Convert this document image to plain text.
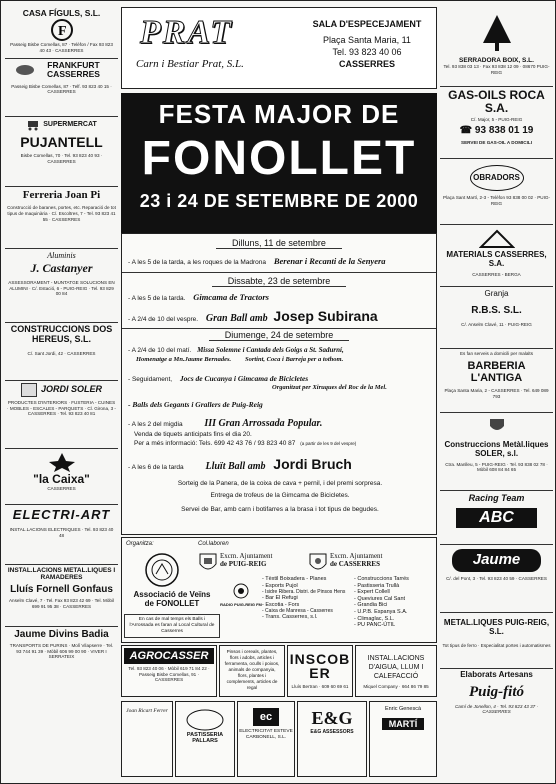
CASA FÍGULS, S.L.
F
Passeig Bisbe Comellas, 87 · Telèfon / Fax 93 823 40 43 · CASSERRES
FRANKFURT CASSERRES
Passeig Bisbe Comellas, 87 · Telf. 93 823 40 15 · CASSERRES
SUPERMERCAT
PUJANTELL
Bisbe Comellas, 70 · Tel. 93 823 40 93 · CASSERRES
Ferreria Joan Pi
Construcció de baranes, portes, etc. Reparació de tot tipus de maquinària · C/. Escoltres, 7 - Tel. 93 823 41 55 · CASSERRES
Aluminis
J. Castanyer
ASSESSORAMENT - MUNTATGE SOLUCIONS EN ALUMINI · C/. Estació, 6 - PUIG-REIG · Tel. 93 829 00 84
CONSTRUCCIONS DOS HEREUS, S.L.
C/. Sant Jordi, 42 · CASSERRES
JORDI SOLER
PRODUCTES D'INTERIORS · FUSTERIA - CUINES · MOBLES - ESCALES - PARQUETS · Cl. Girona, 3 - CASSERRES · Tel. 93 823 40 81
"la Caixa"
CASSERRES
ELECTRI-ART
INSTAL.LACIONS ELECTRIQUES · Tel. 93 823 40 48
INSTAL.LACIONS METAL.LIQUES I RAMADERES
Lluís Fornell Gonfaus
Anselm Clavé, 7 · Tel. Fax 93 823 42 69 · Tel. Mòbil 699 91 95 38 · CASSERRES
Jaume Divins Badia
TRANSPORTS DE PURINS · Molí Vilapserre · Tel. 93 744 91 39 · Mòbil 606 99 00 90 · VIVER I SERRATEIX
PRAT
Carn i Bestiar Prat, S.L.
SALA D'ESPECEJAMENT
Plaça Santa Maria, 11
Tel. 93 823 40 06
CASSERRES
FESTA MAJOR DE
FONOLLET
23 i 24 DE SETEMBRE DE 2000
Dilluns, 11 de setembre
- A les 5 de la tarda, a les roques de la Madrona Berenar i Recanti de la Senyera
Dissabte, 23 de setembre
- A les 5 de la tarda. Gimcama de Tractors
- A 2/4 de 10 del vespre. Gran Ball amb Josep Subirana
Diumenge, 24 de setembre
- A 2/4 de 10 del matí. Missa Solemne i Cantada dels Goigs a St. Sadurní,
Homenatge a Mn.Jaume Bernades. Sortint, Coca i Barreja per a tothom.
- Seguidament, Jocs de Cucanya i Gimcama de Bicicletes
Organitzat per Xiruques del Roc de la Mel.
- Balls dels Gegants i Grallers de Puig-Reig
- A les 2 del migdia III Gran Arrossada Popular.
Venda de tiquets anticipats fins el dia 20.
Per a més informació: Tels. 699 42 43 76 / 93 823 40 87 (a partir de les 9 del vespre)
- A les 6 de la tarda Lluït Ball amb Jordi Bruch
Sorteig de la Panera, de la coixa de cava + pernil, i del premi sorpresa.
Entrega de trofeus de la Gimcama de Bicicletes.
Servei de Bar, amb carn i botifarres a la brasa i tot tipus de begudes.
Organitza:	Col.laboren
Associació de Veïns
de FONOLLET
En cas de mal temps els Balls i l'Arrossada es faran al Local Cultural de Casserres
Excm. Ajuntament
de PUIG-REIG
Excm. Ajuntament
de CASSERRES
RADIO PUIG-REIG FM
- Tèxtil Boixadera - Planes
- Esports Pujol
- Isidre Ribera. Distri. de Pinsos Hens
- Bar El Refugi
- Escotia - Fors
- Caixa de Manresa - Casserres
- Trans. Casserres, s.l.
- Construccions Tarrés
- Pastisseria Trullà
- Expert Collell
- Queviures Cal Sant
- Grandia Bici
- U.P.B. Espanya S.A.
- Climaglac, S.L.
- PU PANC-ÚTIL
AGROCASSER
Tel. 93 823 40 06 · Mòbil 619 71 84 22 · Passeig Bisbe Comellas, 91 · CASSERRES
Pinsos i cereals, plantes, flors i adobs, articles i ferramenta, oculls i poixos, animals de companyia, flors, plantes i complements, articles de regal
INSCOBER
Lluís Bertran · 609 60 69 61
INSTAL.LACIONS D'AIGUA, LLUM I CALEFACCIÓ
Miquel Company · 664 86 79 85
Joan Ricart Ferrer
PASTISSERIA PALLARS
ec
ELECTRICITAT ESTEVE CARBONELL, S.L.
E&G
E&G ASSESSORS
Enric Genescà
MARTÍ
SERRADORA BOIX, S.L.
Tel. 93 838 03 13 · Fax 93 838 12 09 · 08670 PUIG-REIG
GAS-OILS ROCA S.A.
C/. Major, 5 - PUIG-REIG
☎ 93 838 01 19
SERVEI DE GAS-OIL A DOMICILI
OBRADORS
Plaça Sant Martí, 2-3 - Telèfon 93 838 00 02 · PUIG-REIG
MATERIALS CASSERRES, S.A.
CASSERRES - BERGA
Granja
R.B.S. S.L.
C/. Anselm Clavé, 11 · PUIG-REIG
Es fan serveis a domicili per malalts
BARBERIA L'ANTIGA
Plaça Santa Maria, 2 - CASSERRES · Tel. 649 089 793
Construccions Metàl.liques SOLER, s.l.
Ctra. Manlleu, 5 - PUIG-REIG · Tel. 93 838 02 78 · Mòbil 608 84 84 65
Racing Team
ABC
Jaume
C/. del Pont, 3 · Tel. 93 823 40 59 · CASSERRES
METAL.LIQUES PUIG-REIG, S.L.
Tot tipus de ferro · Especialitat portes i automatismes
Elaborats Artesans
Puig-fitó
Camí de Jonellon, 4 · Tel. 93 823 43 37 · CASSERRES
